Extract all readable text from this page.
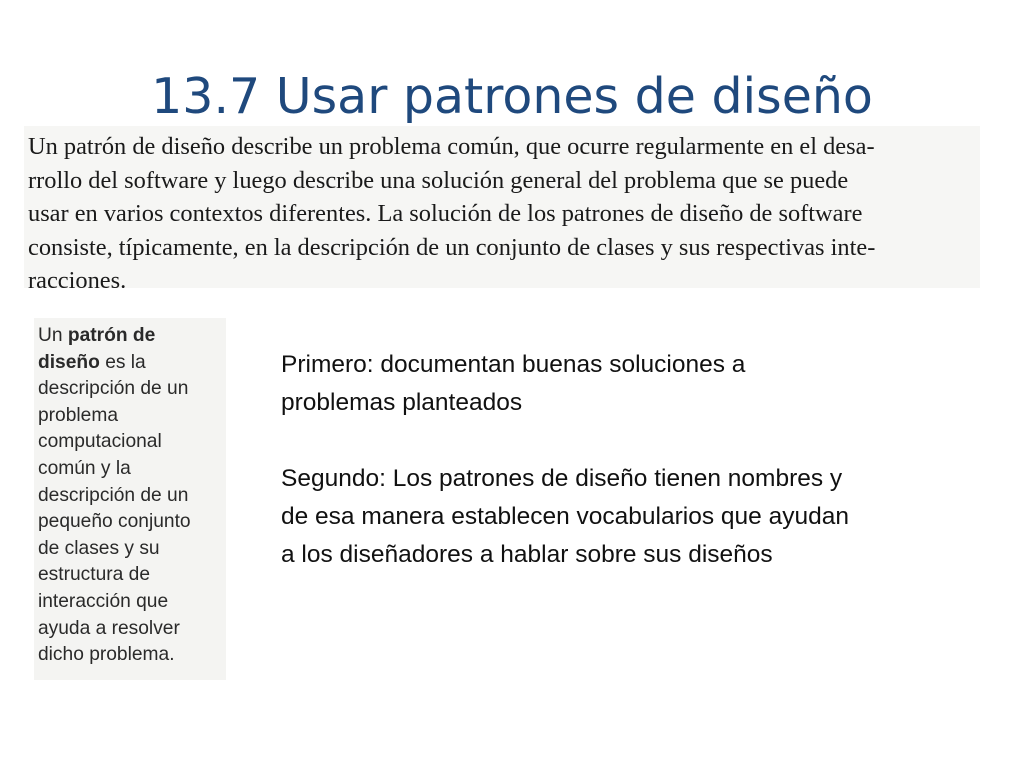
13.7 Usar patrones de diseño
Un patrón de diseño describe un problema común, que ocurre regularmente en el desa-
rrollo del software y luego describe una solución general del problema que se puede
usar en varios contextos diferentes. La solución de los patrones de diseño de software
consiste, típicamente, en la descripción de un conjunto de clases y sus respectivas inte-
racciones.
Un patrón de
diseño es la
descripción de un
problema
computacional
común y la
descripción de un
pequeño conjunto
de clases y su
estructura de
interacción que
ayuda a resolver
dicho problema.

Primero: documentan buenas soluciones a
problemas planteados

Segundo: Los patrones de diseño tienen nombres y
de esa manera establecen vocabularios que ayudan
a los diseñadores a hablar sobre sus diseños
